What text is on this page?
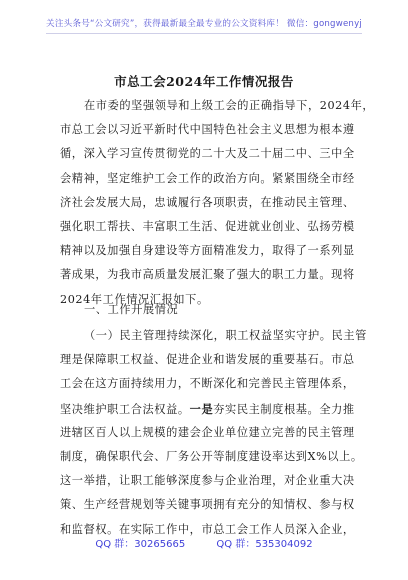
关注头条号“公文研究”，获得最新最全最专业的公文资料库！ 微信：gongwenyj
市总工会2024年工作情况报告
在市委的坚强领导和上级工会的正确指导下，2024年，
市总工会以习近平新时代中国特色社会主义思想为根本遵
循，深入学习宣传贯彻党的二十大及二十届二中、三中全
会精神，坚定维护工会工作的政治方向。紧紧围绕全市经
济社会发展大局，忠诚履行各项职责，在推动民主管理、
强化职工帮扶、丰富职工生活、促进就业创业、弘扬劳模
精神以及加强自身建设等方面精准发力，取得了一系列显
著成果，为我市高质量发展汇聚了强大的职工力量。现将
2024年工作情况汇报如下。
一、工作开展情况
（一）民主管理持续深化，职工权益坚实守护。民主管
理是保障职工权益、促进企业和谐发展的重要基石。市总
工会在这方面持续用力，不断深化和完善民主管理体系，
坚决维护职工合法权益。一是夯实民主制度根基。全力推
进辖区百人以上规模的建会企业单位建立完善的民主管理
制度，确保职代会、厂务公开等制度建设率达到X%以上。
这一举措，让职工能够深度参与企业治理，对企业重大决
策、生产经营规划等关键事项拥有充分的知情权、参与权
和监督权。在实际工作中，市总工会工作人员深入企业，
QQ 群：30265665	QQ 群：535304092
